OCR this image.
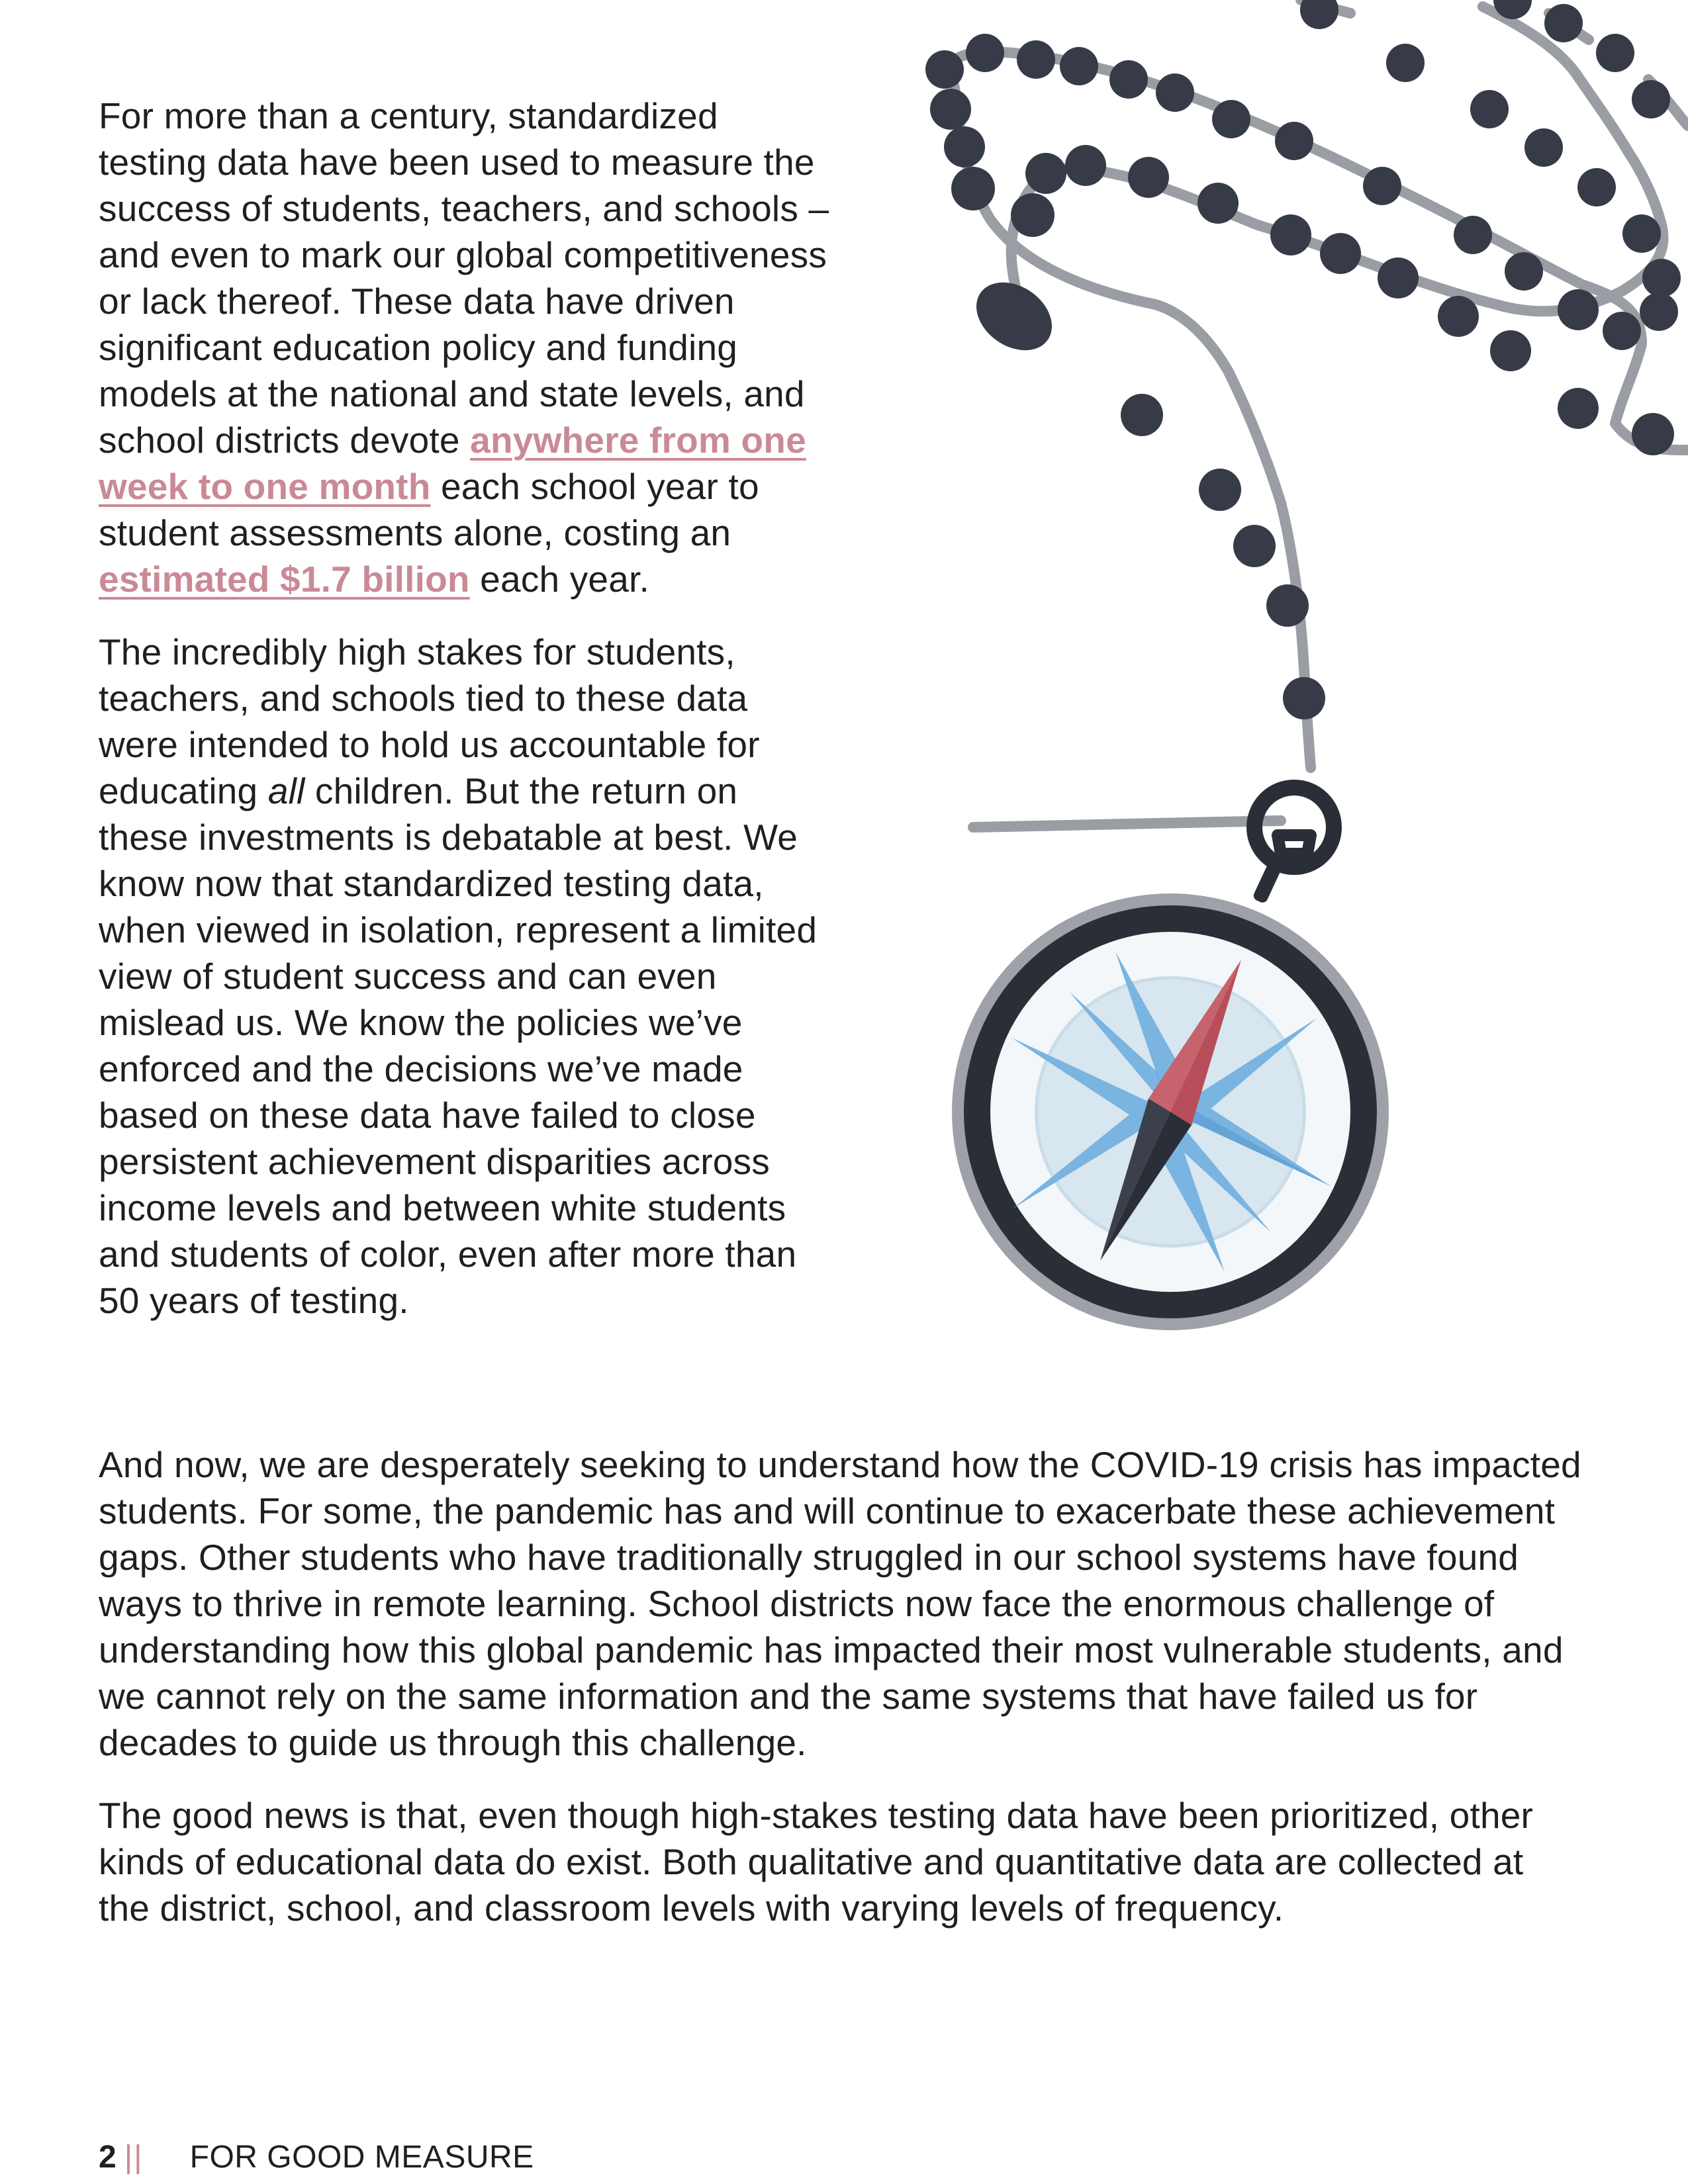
For more than a century, standardized testing data have been used to measure the success of students, teachers, and schools – and even to mark our global competitiveness or lack thereof. These data have driven significant education policy and funding models at the national and state levels, and school districts devote anywhere from one week to one month each school year to student assessments alone, costing an estimated $1.7 billion each year.

The incredibly high stakes for students, teachers, and schools tied to these data were intended to hold us accountable for educating all children. But the return on these investments is debatable at best. We know now that standardized testing data, when viewed in isolation, represent a limited view of student success and can even mislead us. We know the policies we’ve enforced and the decisions we’ve made based on these data have failed to close persistent achievement disparities across income levels and between white students and students of color, even after more than 50 years of testing.

And now, we are desperately seeking to understand how the COVID-19 crisis has impacted students. For some, the pandemic has and will continue to exacerbate these achievement gaps. Other students who have traditionally struggled in our school systems have found ways to thrive in remote learning. School districts now face the enormous challenge of understanding how this global pandemic has impacted their most vulnerable students, and we cannot rely on the same information and the same systems that have failed us for decades to guide us through this challenge.

The good news is that, even though high-stakes testing data have been prioritized, other kinds of educational data do exist. Both qualitative and quantitative data are collected at the district, school, and classroom levels with varying levels of frequency.

2 || FOR GOOD MEASURE
